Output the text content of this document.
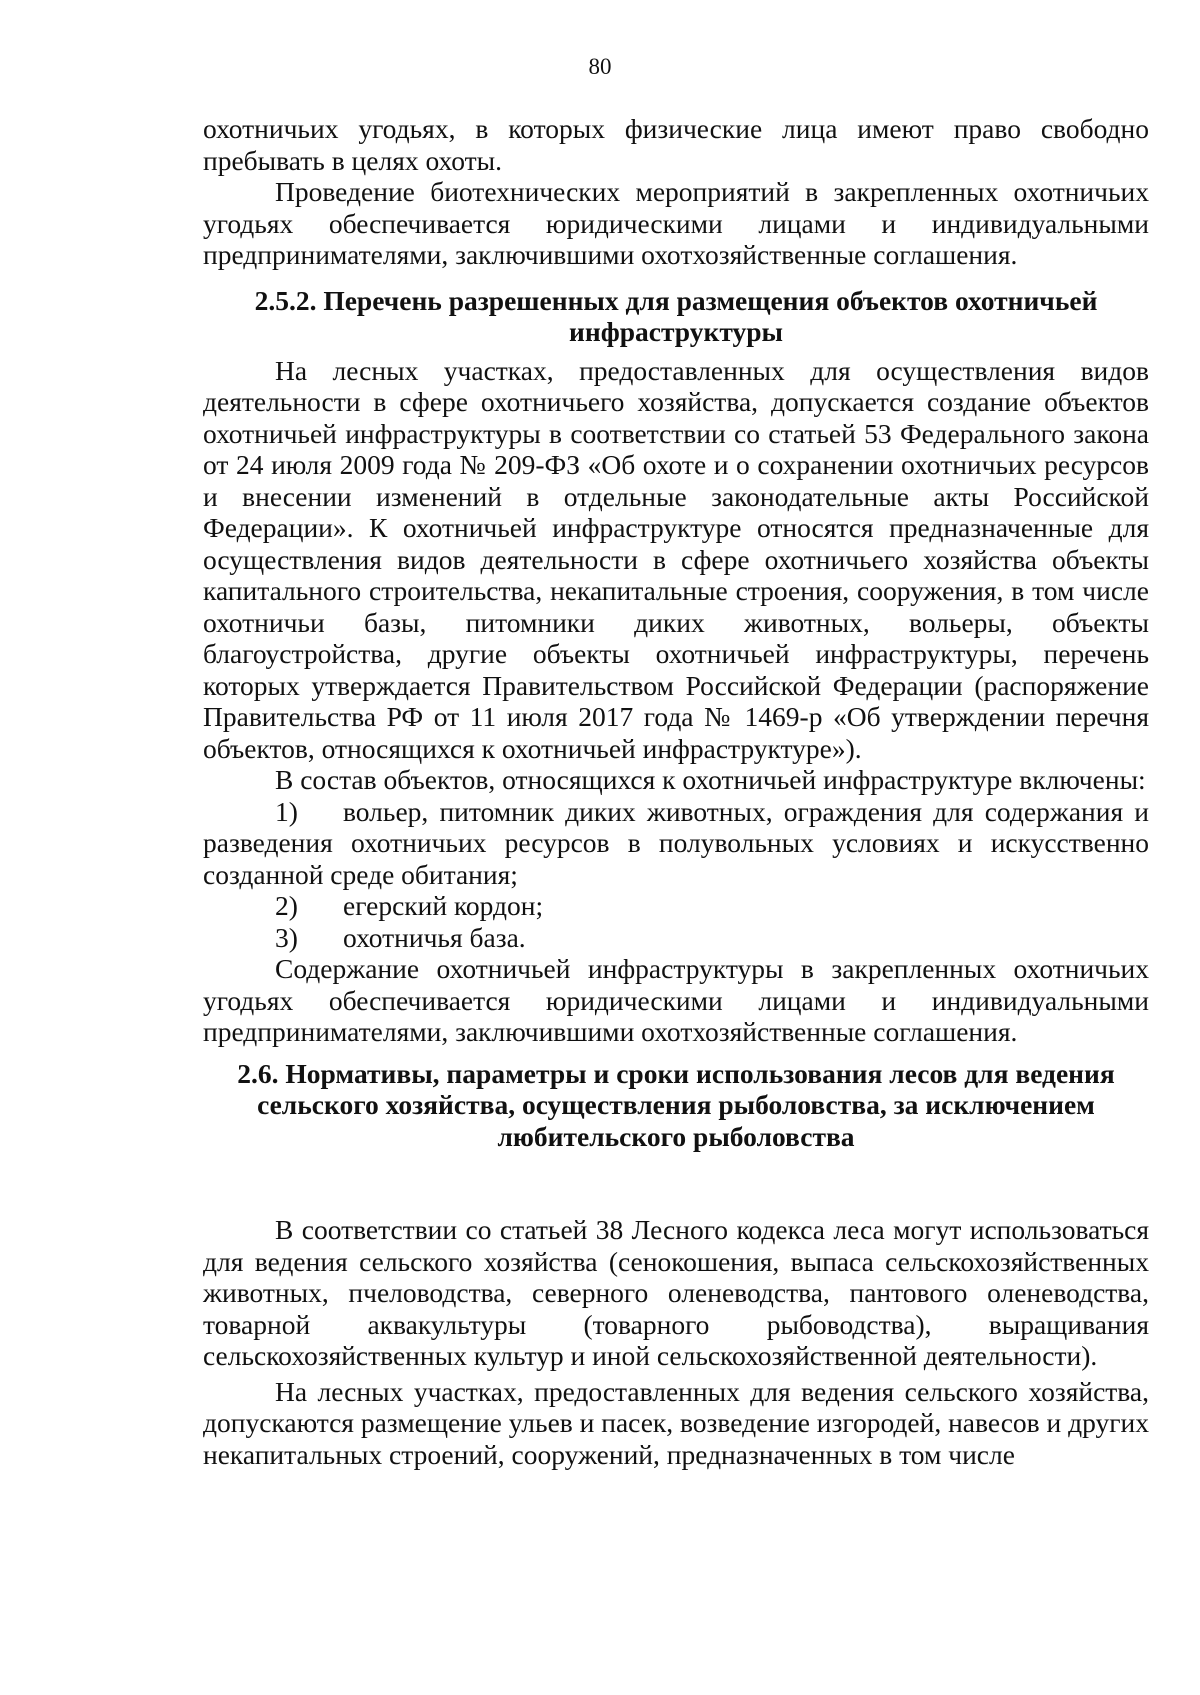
80

охотничьих угодьях, в которых физические лица имеют право свободно пребывать в целях охоты.

Проведение биотехнических мероприятий в закрепленных охотничьих угодьях обеспечивается юридическими лицами и индивидуальными предпринимателями, заключившими охотхозяйственные соглашения.

2.5.2. Перечень разрешенных для размещения объектов охотничьей инфраструктуры

На лесных участках, предоставленных для осуществления видов деятельности в сфере охотничьего хозяйства, допускается создание объектов охотничьей инфраструктуры в соответствии со статьей 53 Федерального закона от 24 июля 2009 года № 209-ФЗ «Об охоте и о сохранении охотничьих ресурсов и внесении изменений в отдельные законодательные акты Российской Федерации». К охотничьей инфраструктуре относятся предназначенные для осуществления видов деятельности в сфере охотничьего хозяйства объекты капитального строительства, некапитальные строения, сооружения, в том числе охотничьи базы, питомники диких животных, вольеры, объекты благоустройства, другие объекты охотничьей инфраструктуры, перечень которых утверждается Правительством Российской Федерации (распоряжение Правительства РФ от 11 июля 2017 года № 1469-р «Об утверждении перечня объектов, относящихся к охотничьей инфраструктуре»).

В состав объектов, относящихся к охотничьей инфраструктуре включены:

1) вольер, питомник диких животных, ограждения для содержания и разведения охотничьих ресурсов в полувольных условиях и искусственно созданной среде обитания;

2) егерский кордон;

3) охотничья база.

Содержание охотничьей инфраструктуры в закрепленных охотничьих угодьях обеспечивается юридическими лицами и индивидуальными предпринимателями, заключившими охотхозяйственные соглашения.

2.6. Нормативы, параметры и сроки использования лесов для ведения сельского хозяйства, осуществления рыболовства, за исключением любительского рыболовства

В соответствии со статьей 38 Лесного кодекса леса могут использоваться для ведения сельского хозяйства (сенокошения, выпаса сельскохозяйственных животных, пчеловодства, северного оленеводства, пантового оленеводства, товарной аквакультуры (товарного рыбоводства), выращивания сельскохозяйственных культур и иной сельскохозяйственной деятельности).

На лесных участках, предоставленных для ведения сельского хозяйства, допускаются размещение ульев и пасек, возведение изгородей, навесов и других некапитальных строений, сооружений, предназначенных в том числе
